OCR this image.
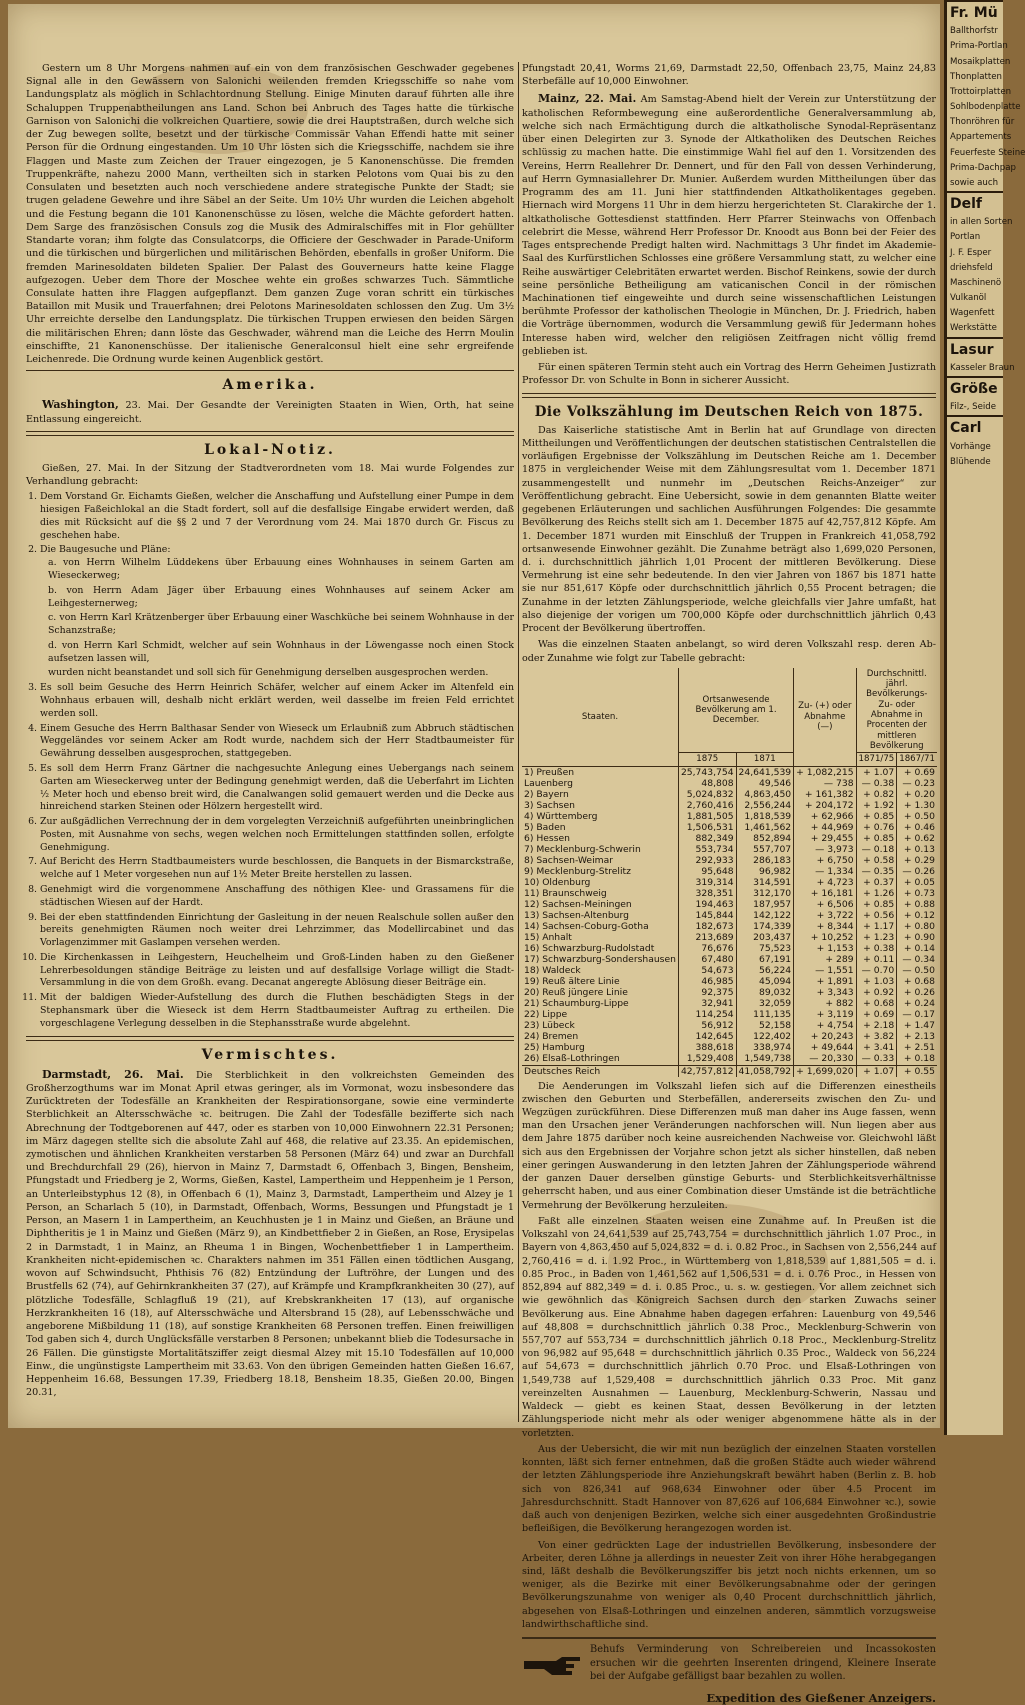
Gestern um 8 Uhr Morgens nahmen auf ein von dem französischen Geschwader gegebenes Signal alle in den Gewässern von Salonichi weilenden fremden Kriegsschiffe so nahe vom Landungsplatz als möglich in Schlachtordnung Stellung. Einige Minuten darauf führten alle ihre Schaluppen Truppenabtheilungen ans Land. Schon bei Anbruch des Tages hatte die türkische Garnison von Salonichi die volkreichen Quartiere, sowie die drei Hauptstraßen, durch welche sich der Zug bewegen sollte, besetzt und der türkische Commissär Vahan Effendi hatte mit seiner Person für die Ordnung eingestanden. Um 10 Uhr lösten sich die Kriegsschiffe, nachdem sie ihre Flaggen und Maste zum Zeichen der Trauer eingezogen, je 5 Kanonenschüsse. Die fremden Truppenkräfte, nahezu 2000 Mann, vertheilten sich in starken Pelotons vom Quai bis zu den Consulaten und besetzten auch noch verschiedene andere strategische Punkte der Stadt; sie trugen geladene Gewehre und ihre Säbel an der Seite. Um 10½ Uhr wurden die Leichen abgeholt und die Festung begann die 101 Kanonenschüsse zu lösen, welche die Mächte gefordert hatten. Dem Sarge des französischen Consuls zog die Musik des Admiralschiffes mit in Flor gehüllter Standarte voran; ihm folgte das Consulatcorps, die Officiere der Geschwader in Parade-Uniform und die türkischen und bürgerlichen und militärischen Behörden, ebenfalls in großer Uniform. Die fremden Marinesoldaten bildeten Spalier. Der Palast des Gouverneurs hatte keine Flagge aufgezogen. Ueber dem Thore der Moschee wehte ein großes schwarzes Tuch. Sämmtliche Consulate hatten ihre Flaggen aufgepflanzt. Dem ganzen Zuge voran schritt ein türkisches Bataillon mit Musik und Trauerfahnen; drei Pelotons Marinesoldaten schlossen den Zug. Um 3½ Uhr erreichte derselbe den Landungsplatz. Die türkischen Truppen erwiesen den beiden Särgen die militärischen Ehren; dann löste das Geschwader, während man die Leiche des Herrn Moulin einschiffte, 21 Kanonenschüsse. Der italienische Generalconsul hielt eine sehr ergreifende Leichenrede. Die Ordnung wurde keinen Augenblick gestört.

Amerika.

Washington, 23. Mai. Der Gesandte der Vereinigten Staaten in Wien, Orth, hat seine Entlassung eingereicht.

Lokal-Notiz.

Gießen, 27. Mai. In der Sitzung der Stadtverordneten vom 18. Mai wurde Folgendes zur Verhandlung gebracht:

1. Dem Vorstand Gr. Eichamts Gießen, welcher die Anschaffung und Aufstellung einer Pumpe in dem hiesigen Faßeichlokal an die Stadt fordert, soll auf die desfallsige Eingabe erwidert werden, daß dies mit Rücksicht auf die §§ 2 und 7 der Verordnung vom 24. Mai 1870 durch Gr. Fiscus zu geschehen habe.
2. Die Baugesuche und Pläne:
a. von Herrn Wilhelm Lüddekens über Erbauung eines Wohnhauses in seinem Garten am Wieseckerweg;
b. von Herrn Adam Jäger über Erbauung eines Wohnhauses auf seinem Acker am Leihgesternerweg;
c. von Herrn Karl Krätzenberger über Erbauung einer Waschküche bei seinem Wohnhause in der Schanzstraße;
d. von Herrn Karl Schmidt, welcher auf sein Wohnhaus in der Löwengasse noch einen Stock aufsetzen lassen will,
wurden nicht beanstandet und soll sich für Genehmigung derselben ausgesprochen werden.
3. Es soll beim Gesuche des Herrn Heinrich Schäfer, welcher auf einem Acker im Altenfeld ein Wohnhaus erbauen will, deshalb nicht erklärt werden, weil dasselbe im freien Feld errichtet werden soll.
4. Einem Gesuche des Herrn Balthasar Sender von Wieseck um Erlaubniß zum Abbruch städtischen Weggeländes vor seinem Acker am Rodt wurde, nachdem sich der Herr Stadtbaumeister für Gewährung desselben ausgesprochen, stattgegeben.
5. Es soll dem Herrn Franz Gärtner die nachgesuchte Anlegung eines Uebergangs nach seinem Garten am Wieseckerweg unter der Bedingung genehmigt werden, daß die Ueberfahrt im Lichten ½ Meter hoch und ebenso breit wird, die Canalwangen solid gemauert werden und die Decke aus hinreichend starken Steinen oder Hölzern hergestellt wird.
6. Zur außgädlichen Verrechnung der in dem vorgelegten Verzeichniß aufgeführten uneinbringlichen Posten, mit Ausnahme von sechs, wegen welchen noch Ermittelungen stattfinden sollen, erfolgte Genehmigung.
7. Auf Bericht des Herrn Stadtbaumeisters wurde beschlossen, die Banquets in der Bismarckstraße, welche auf 1 Meter vorgesehen nun auf 1½ Meter Breite herstellen zu lassen.
8. Genehmigt wird die vorgenommene Anschaffung des nöthigen Klee- und Grassamens für die städtischen Wiesen auf der Hardt.
9. Bei der eben stattfindenden Einrichtung der Gasleitung in der neuen Realschule sollen außer den bereits genehmigten Räumen noch weiter drei Lehrzimmer, das Modellircabinet und das Vorlagenzimmer mit Gaslampen versehen werden.
10. Die Kirchenkassen in Leihgestern, Heuchelheim und Groß-Linden haben zu den Gießener Lehrerbesoldungen ständige Beiträge zu leisten und auf desfallsige Vorlage willigt die Stadt-Versammlung in die von dem Großh. evang. Decanat angeregte Ablösung dieser Beiträge ein.
11. Mit der baldigen Wieder-Aufstellung des durch die Fluthen beschädigten Stegs in der Stephansmark über die Wieseck ist dem Herrn Stadtbaumeister Auftrag zu ertheilen. Die vorgeschlagene Verlegung desselben in die Stephansstraße wurde abgelehnt.
Vermischtes.

Darmstadt, 26. Mai. Die Sterblichkeit in den volkreichsten Gemeinden des Großherzogthums war im Monat April etwas geringer, als im Vormonat, wozu insbesondere das Zurücktreten der Todesfälle an Krankheiten der Respirationsorgane, sowie eine verminderte Sterblichkeit an Altersschwäche ꝛc. beitrugen. Die Zahl der Todesfälle bezifferte sich nach Abrechnung der Todtgeborenen auf 447, oder es starben von 10,000 Einwohnern 22.31 Personen; im März dagegen stellte sich die absolute Zahl auf 468, die relative auf 23.35. An epidemischen, zymotischen und ähnlichen Krankheiten verstarben 58 Personen (März 64) und zwar an Durchfall und Brechdurchfall 29 (26), hiervon in Mainz 7, Darmstadt 6, Offenbach 3, Bingen, Bensheim, Pfungstadt und Friedberg je 2, Worms, Gießen, Kastel, Lampertheim und Heppenheim je 1 Person, an Unterleibstyphus 12 (8), in Offenbach 6 (1), Mainz 3, Darmstadt, Lampertheim und Alzey je 1 Person, an Scharlach 5 (10), in Darmstadt, Offenbach, Worms, Bessungen und Pfungstadt je 1 Person, an Masern 1 in Lampertheim, an Keuchhusten je 1 in Mainz und Gießen, an Bräune und Diphtheritis je 1 in Mainz und Gießen (März 9), an Kindbettfieber 2 in Gießen, an Rose, Erysipelas 2 in Darmstadt, 1 in Mainz, an Rheuma 1 in Bingen, Wochenbettfieber 1 in Lampertheim. Krankheiten nicht-epidemischen ꝛc. Charakters nahmen im 351 Fällen einen tödtlichen Ausgang, wovon auf Schwindsucht, Phthisis 76 (82) Entzündung der Luftröhre, der Lungen und des Brustfells 62 (74), auf Gehirnkrankheiten 37 (27), auf Krämpfe und Krampfkrankheiten 30 (27), auf plötzliche Todesfälle, Schlagfluß 19 (21), auf Krebskrankheiten 17 (13), auf organische Herzkrankheiten 16 (18), auf Altersschwäche und Altersbrand 15 (28), auf Lebensschwäche und angeborene Mißbildung 11 (18), auf sonstige Krankheiten 68 Personen treffen. Einen freiwilligen Tod gaben sich 4, durch Unglücksfälle verstarben 8 Personen; unbekannt blieb die Todesursache in 26 Fällen. Die günstigste Mortalitätsziffer zeigt diesmal Alzey mit 15.10 Todesfällen auf 10,000 Einw., die ungünstigste Lampertheim mit 33.63. Von den übrigen Gemeinden hatten Gießen 16.67, Heppenheim 16.68, Bessungen 17.39, Friedberg 18.18, Bensheim 18.35, Gießen 20.00, Bingen 20.31,

Pfungstadt 20,41, Worms 21,69, Darmstadt 22,50, Offenbach 23,75, Mainz 24,83 Sterbefälle auf 10,000 Einwohner.

Mainz, 22. Mai. Am Samstag-Abend hielt der Verein zur Unterstützung der katholischen Reformbewegung eine außerordentliche Generalversammlung ab, welche sich nach Ermächtigung durch die altkatholische Synodal-Repräsentanz über einen Delegirten zur 3. Synode der Altkatholiken des Deutschen Reiches schlüssig zu machen hatte. Die einstimmige Wahl fiel auf den 1. Vorsitzenden des Vereins, Herrn Reallehrer Dr. Dennert, und für den Fall von dessen Verhinderung, auf Herrn Gymnasiallehrer Dr. Munier. Außerdem wurden Mittheilungen über das Programm des am 11. Juni hier stattfindenden Altkatholikentages gegeben. Hiernach wird Morgens 11 Uhr in dem hierzu hergerichteten St. Clarakirche der 1. altkatholische Gottesdienst stattfinden. Herr Pfarrer Steinwachs von Offenbach celebrirt die Messe, während Herr Professor Dr. Knoodt aus Bonn bei der Feier des Tages entsprechende Predigt halten wird. Nachmittags 3 Uhr findet im Akademie-Saal des Kurfürstlichen Schlosses eine größere Versammlung statt, zu welcher eine Reihe auswärtiger Celebritäten erwartet werden. Bischof Reinkens, sowie der durch seine persönliche Betheiligung am vaticanischen Concil in der römischen Machinationen tief eingeweihte und durch seine wissenschaftlichen Leistungen berühmte Professor der katholischen Theologie in München, Dr. J. Friedrich, haben die Vorträge übernommen, wodurch die Versammlung gewiß für Jedermann hohes Interesse haben wird, welcher den religiösen Zeitfragen nicht völlig fremd geblieben ist.

Für einen späteren Termin steht auch ein Vortrag des Herrn Geheimen Justizrath Professor Dr. von Schulte in Bonn in sicherer Aussicht.

Die Volkszählung im Deutschen Reich von 1875.

Das Kaiserliche statistische Amt in Berlin hat auf Grundlage von directen Mittheilungen und Veröffentlichungen der deutschen statistischen Centralstellen die vorläufigen Ergebnisse der Volkszählung im Deutschen Reiche am 1. December 1875 in vergleichender Weise mit dem Zählungsresultat vom 1. December 1871 zusammengestellt und nunmehr im „Deutschen Reichs-Anzeiger“ zur Veröffentlichung gebracht. Eine Uebersicht, sowie in dem genannten Blatte weiter gegebenen Erläuterungen und sachlichen Ausführungen Folgendes: Die gesammte Bevölkerung des Reichs stellt sich am 1. December 1875 auf 42,757,812 Köpfe. Am 1. December 1871 wurden mit Einschluß der Truppen in Frankreich 41,058,792 ortsanwesende Einwohner gezählt. Die Zunahme beträgt also 1,699,020 Personen, d. i. durchschnittlich jährlich 1,01 Procent der mittleren Bevölkerung. Diese Vermehrung ist eine sehr bedeutende. In den vier Jahren von 1867 bis 1871 hatte sie nur 851,617 Köpfe oder durchschnittlich jährlich 0,55 Procent betragen; die Zunahme in der letzten Zählungsperiode, welche gleichfalls vier Jahre umfaßt, hat also diejenige der vorigen um 700,000 Köpfe oder durchschnittlich jährlich 0,43 Procent der Bevölkerung übertroffen.

Was die einzelnen Staaten anbelangt, so wird deren Volkszahl resp. deren Ab- oder Zunahme wie folgt zur Tabelle gebracht:

Staaten.	Ortsanwesende Bevölkerung am 1. December.		Zu- (+) oder Abnahme (—)	Durchschnittl. jährl. Bevölkerungs- Zu- oder Abnahme in Procenten der mittleren Bevölkerung	
	1875	1871		1871/75	1867/71
1) Preußen	25,743,754	24,641,539	+ 1,082,215	+ 1.07	+ 0.69
Lauenberg	48,808	49,546	— 738	— 0.38	— 0.23
2) Bayern	5,024,832	4,863,450	+ 161,382	+ 0.82	+ 0.20
3) Sachsen	2,760,416	2,556,244	+ 204,172	+ 1.92	+ 1.30
4) Württemberg	1,881,505	1,818,539	+ 62,966	+ 0.85	+ 0.50
5) Baden	1,506,531	1,461,562	+ 44,969	+ 0.76	+ 0.46
6) Hessen	882,349	852,894	+ 29,455	+ 0.85	+ 0.62
7) Mecklenburg-Schwerin	553,734	557,707	— 3,973	— 0.18	+ 0.13
8) Sachsen-Weimar	292,933	286,183	+ 6,750	+ 0.58	+ 0.29
9) Mecklenburg-Strelitz	95,648	96,982	— 1,334	— 0.35	— 0.26
10) Oldenburg	319,314	314,591	+ 4,723	+ 0.37	+ 0.05
11) Braunschweig	328,351	312,170	+ 16,181	+ 1.26	+ 0.73
12) Sachsen-Meiningen	194,463	187,957	+ 6,506	+ 0.85	+ 0.88
13) Sachsen-Altenburg	145,844	142,122	+ 3,722	+ 0.56	+ 0.12
14) Sachsen-Coburg-Gotha	182,673	174,339	+ 8,344	+ 1.17	+ 0.80
15) Anhalt	213,689	203,437	+ 10,252	+ 1.23	+ 0.90
16) Schwarzburg-Rudolstadt	76,676	75,523	+ 1,153	+ 0.38	+ 0.14
17) Schwarzburg-Sondershausen	67,480	67,191	+ 289	+ 0.11	— 0.34
18) Waldeck	54,673	56,224	— 1,551	— 0.70	— 0.50
19) Reuß ältere Linie	46,985	45,094	+ 1,891	+ 1.03	+ 0.68
20) Reuß jüngere Linie	92,375	89,032	+ 3,343	+ 0.92	+ 0.26
21) Schaumburg-Lippe	32,941	32,059	+ 882	+ 0.68	+ 0.24
22) Lippe	114,254	111,135	+ 3,119	+ 0.69	— 0.17
23) Lübeck	56,912	52,158	+ 4,754	+ 2.18	+ 1.47
24) Bremen	142,645	122,402	+ 20,243	+ 3.82	+ 2.13
25) Hamburg	388,618	338,974	+ 49,644	+ 3.41	+ 2.51
26) Elsaß-Lothringen	1,529,408	1,549,738	— 20,330	— 0.33	+ 0.18
Deutsches Reich	42,757,812	41,058,792	+ 1,699,020	+ 1.07	+ 0.55

Die Aenderungen im Volkszahl liefen sich auf die Differenzen einestheils zwischen den Geburten und Sterbefällen, andererseits zwischen den Zu- und Wegzügen zurückführen. Diese Differenzen muß man daher ins Auge fassen, wenn man den Ursachen jener Veränderungen nachforschen will. Nun liegen aber aus dem Jahre 1875 darüber noch keine ausreichenden Nachweise vor. Gleichwohl läßt sich aus den Ergebnissen der Vorjahre schon jetzt als sicher hinstellen, daß neben einer geringen Auswanderung in den letzten Jahren der Zählungsperiode während der ganzen Dauer derselben günstige Geburts- und Sterblichkeitsverhältnisse geherrscht haben, und aus einer Combination dieser Umstände ist die beträchtliche Vermehrung der Bevölkerung herzuleiten.

Faßt alle einzelnen Staaten weisen eine Zunahme auf. In Preußen ist die Volkszahl von 24,641,539 auf 25,743,754 = durchschnittlich jährlich 1.07 Proc., in Bayern von 4,863,450 auf 5,024,832 = d. i. 0.82 Proc., in Sachsen von 2,556,244 auf 2,760,416 = d. i. 1.92 Proc., in Württemberg von 1,818,539 auf 1,881,505 = d. i. 0.85 Proc., in Baden von 1,461,562 auf 1,506,531 = d. i. 0.76 Proc., in Hessen von 852,894 auf 882,349 = d. i. 0.85 Proc., u. s. w. gestiegen. Vor allem zeichnet sich wie gewöhnlich das Königreich Sachsen durch den starken Zuwachs seiner Bevölkerung aus. Eine Abnahme haben dagegen erfahren: Lauenburg von 49,546 auf 48,808 = durchschnittlich jährlich 0.38 Proc., Mecklenburg-Schwerin von 557,707 auf 553,734 = durchschnittlich jährlich 0.18 Proc., Mecklenburg-Strelitz von 96,982 auf 95,648 = durchschnittlich jährlich 0.35 Proc., Waldeck von 56,224 auf 54,673 = durchschnittlich jährlich 0.70 Proc. und Elsaß-Lothringen von 1,549,738 auf 1,529,408 = durchschnittlich jährlich 0.33 Proc. Mit ganz vereinzelten Ausnahmen — Lauenburg, Mecklenburg-Schwerin, Nassau und Waldeck — giebt es keinen Staat, dessen Bevölkerung in der letzten Zählungsperiode nicht mehr als oder weniger abgenommene hätte als in der vorletzten.

Aus der Uebersicht, die wir mit nun bezüglich der einzelnen Staaten vorstellen konnten, läßt sich ferner entnehmen, daß die großen Städte auch wieder während der letzten Zählungsperiode ihre Anziehungskraft bewährt haben (Berlin z. B. hob sich von 826,341 auf 968,634 Einwohner oder über 4.5 Procent im Jahresdurchschnitt. Stadt Hannover von 87,626 auf 106,684 Einwohner ꝛc.), sowie daß auch von denjenigen Bezirken, welche sich einer ausgedehnten Großindustrie befleißigen, die Bevölkerung herangezogen worden ist.

Von einer gedrückten Lage der industriellen Bevölkerung, insbesondere der Arbeiter, deren Löhne ja allerdings in neuester Zeit von ihrer Höhe herabgegangen sind, läßt deshalb die Bevölkerungsziffer bis jetzt noch nichts erkennen, um so weniger, als die Bezirke mit einer Bevölkerungsabnahme oder der geringen Bevölkerungszunahme von weniger als 0,40 Procent durchschnittlich jährlich, abgesehen von Elsaß-Lothringen und einzelnen anderen, sämmtlich vorzugsweise landwirthschaftliche sind.

Behufs Verminderung von Schreibereien und Incassokosten ersuchen wir die geehrten Inserenten dringend, Kleinere Inserate bei der Aufgabe gefälligst baar bezahlen zu wollen.

Expedition des Gießener Anzeigers.
Fr. Mü
Ballthorfstr
Prima-Portlan
Mosaikplatten
Thonplatten
Trottoirplatten
Sohlbodenplatte
Thonröhren für
Appartements
Feuerfeste Steine
Prima-Dachpap
sowie auch
Delf
in allen Sorten
Portlan
J. F. Esper
driehsfeld
Maschinenö
Vulkanöl
Wagenfett
Werkstätte
Lasur
Kasseler Braun
Größe
Filz-, Seide
Carl
Vorhänge
Blühende
